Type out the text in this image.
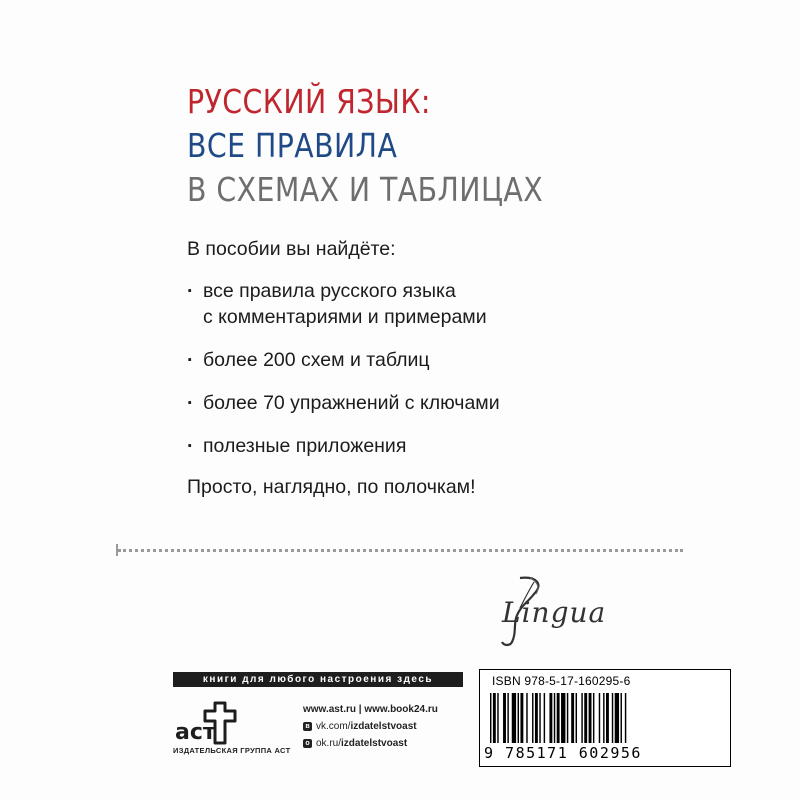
РУССКИЙ ЯЗЫК:
ВСЕ ПРАВИЛА
В СХЕМАХ И ТАБЛИЦАХ

В пособии вы найдёте:

· все правила русского языка
с комментариями и примерами
· более 200 схем и таблиц
· более 70 упражнений с ключами
· полезные приложения

Просто, наглядно, по полочкам!

Lingua
книги для любого настроения здесь
аст
ИЗДАТЕЛЬСКАЯ ГРУППА АСТ
www.ast.ru | www.book24.ru
в vk.com/ izdatelstvoast
о ok.ru/ izdatelstvoast
ISBN 978-5-17-160295-6
9 785171 602956
